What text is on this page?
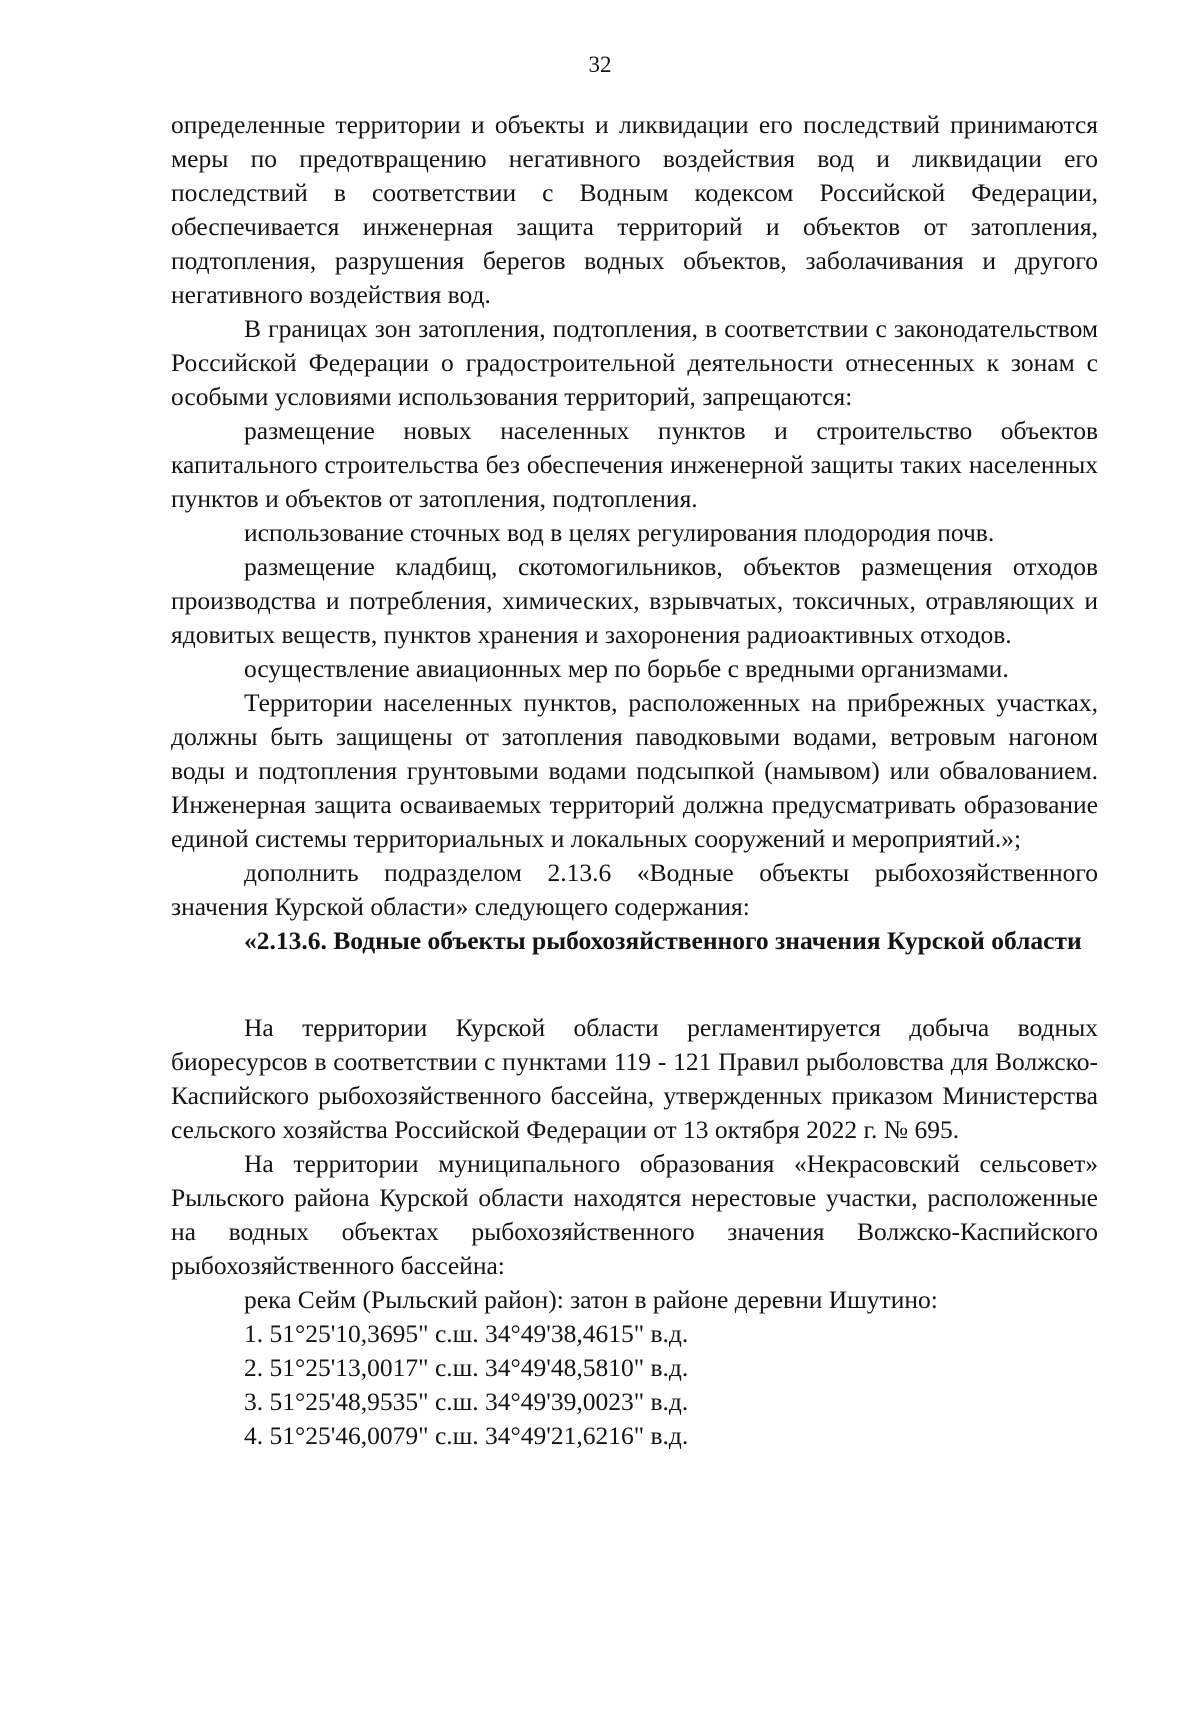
32

определенные территории и объекты и ликвидации его последствий принимаются меры по предотвращению негативного воздействия вод и ликвидации его последствий в соответствии с Водным кодексом Российской Федерации, обеспечивается инженерная защита территорий и объектов от затопления, подтопления, разрушения берегов водных объектов, заболачивания и другого негативного воздействия вод.

В границах зон затопления, подтопления, в соответствии с законодательством Российской Федерации о градостроительной деятельности отнесенных к зонам с особыми условиями использования территорий, запрещаются:

размещение новых населенных пунктов и строительство объектов капитального строительства без обеспечения инженерной защиты таких населенных пунктов и объектов от затопления, подтопления.

использование сточных вод в целях регулирования плодородия почв.

размещение кладбищ, скотомогильников, объектов размещения отходов производства и потребления, химических, взрывчатых, токсичных, отравляющих и ядовитых веществ, пунктов хранения и захоронения радиоактивных отходов.

осуществление авиационных мер по борьбе с вредными организмами.

Территории населенных пунктов, расположенных на прибрежных участках, должны быть защищены от затопления паводковыми водами, ветровым нагоном воды и подтопления грунтовыми водами подсыпкой (намывом) или обвалованием. Инженерная защита осваиваемых территорий должна предусматривать образование единой системы территориальных и локальных сооружений и мероприятий.»;

дополнить подразделом 2.13.6 «Водные объекты рыбохозяйственного значения Курской области» следующего содержания:

«2.13.6. Водные объекты рыбохозяйственного значения Курской области

На территории Курской области регламентируется добыча водных биоресурсов в соответствии с пунктами 119 - 121 Правил рыболовства для Волжско-Каспийского рыбохозяйственного бассейна, утвержденных приказом Министерства сельского хозяйства Российской Федерации от 13 октября 2022 г. № 695.

На территории муниципального образования «Некрасовский сельсовет» Рыльского района Курской области находятся нерестовые участки, расположенные на водных объектах рыбохозяйственного значения Волжско-Каспийского рыбохозяйственного бассейна:

река Сейм (Рыльский район): затон в районе деревни Ишутино:

1. 51°25'10,3695" с.ш. 34°49'38,4615" в.д.

2. 51°25'13,0017" с.ш. 34°49'48,5810" в.д.

3. 51°25'48,9535" с.ш. 34°49'39,0023" в.д.

4. 51°25'46,0079" с.ш. 34°49'21,6216" в.д.
